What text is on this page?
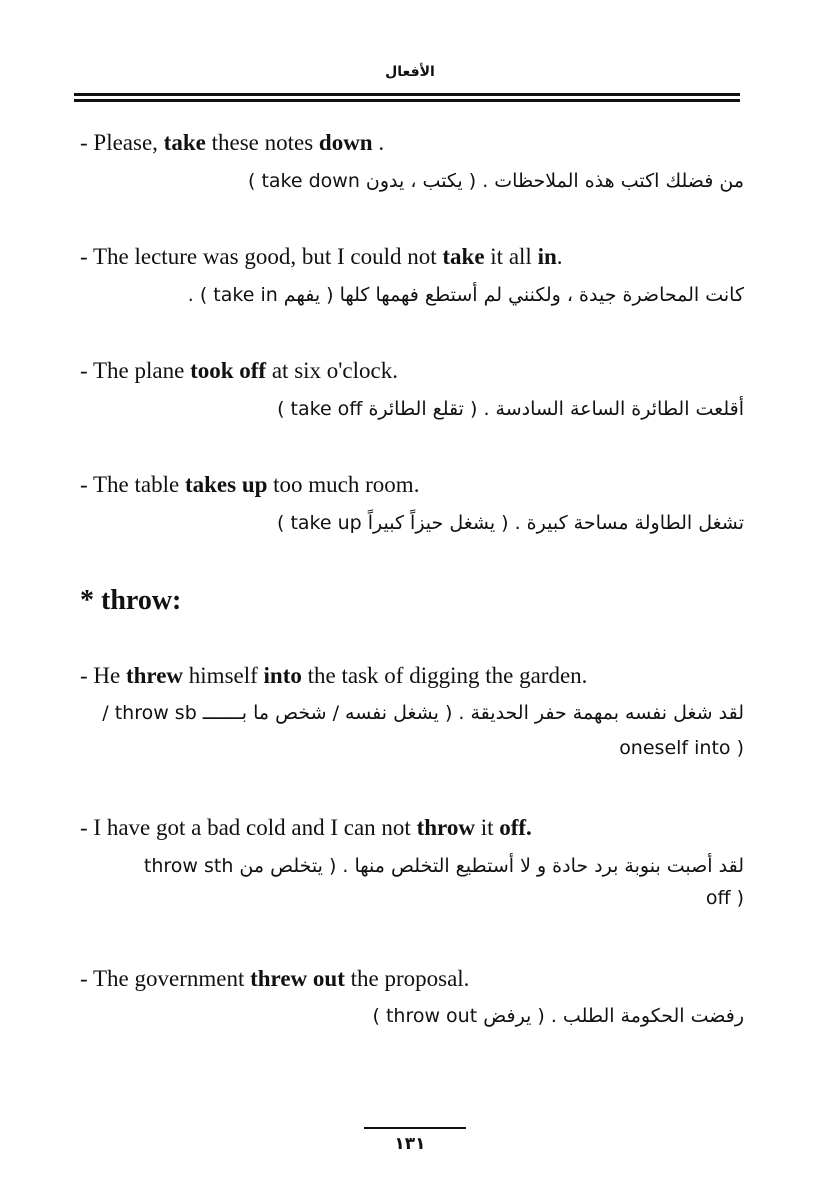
الأفعال
- Please, take these notes down .
من فضلك اكتب هذه الملاحظات . ( يكتب ، يدون take down )
- The lecture was good, but I could not take it all in.
كانت المحاضرة جيدة ، ولكنني لم أستطع فهمها كلها ( يفهم take in ) .
- The plane took off at six o'clock.
أقلعت الطائرة الساعة السادسة . ( تقلع الطائرة take off )
- The table takes up too much room.
تشغل الطاولة مساحة كبيرة . ( يشغل حيزاً كبيراً take up )
* throw:
- He threw himself into the task of digging the garden.
لقد شغل نفسه بمهمة حفر الحديقة . ( يشغل نفسه / شخص ما بـــــــ throw sb /
oneself into )
- I have got a bad cold and I can not throw it off.
لقد أصبت بنوبة برد حادة و لا أستطيع التخلص منها . ( يتخلص من throw sth
off )
- The government threw out the proposal.
رفضت الحكومة الطلب . ( يرفض throw out )
١٣١
